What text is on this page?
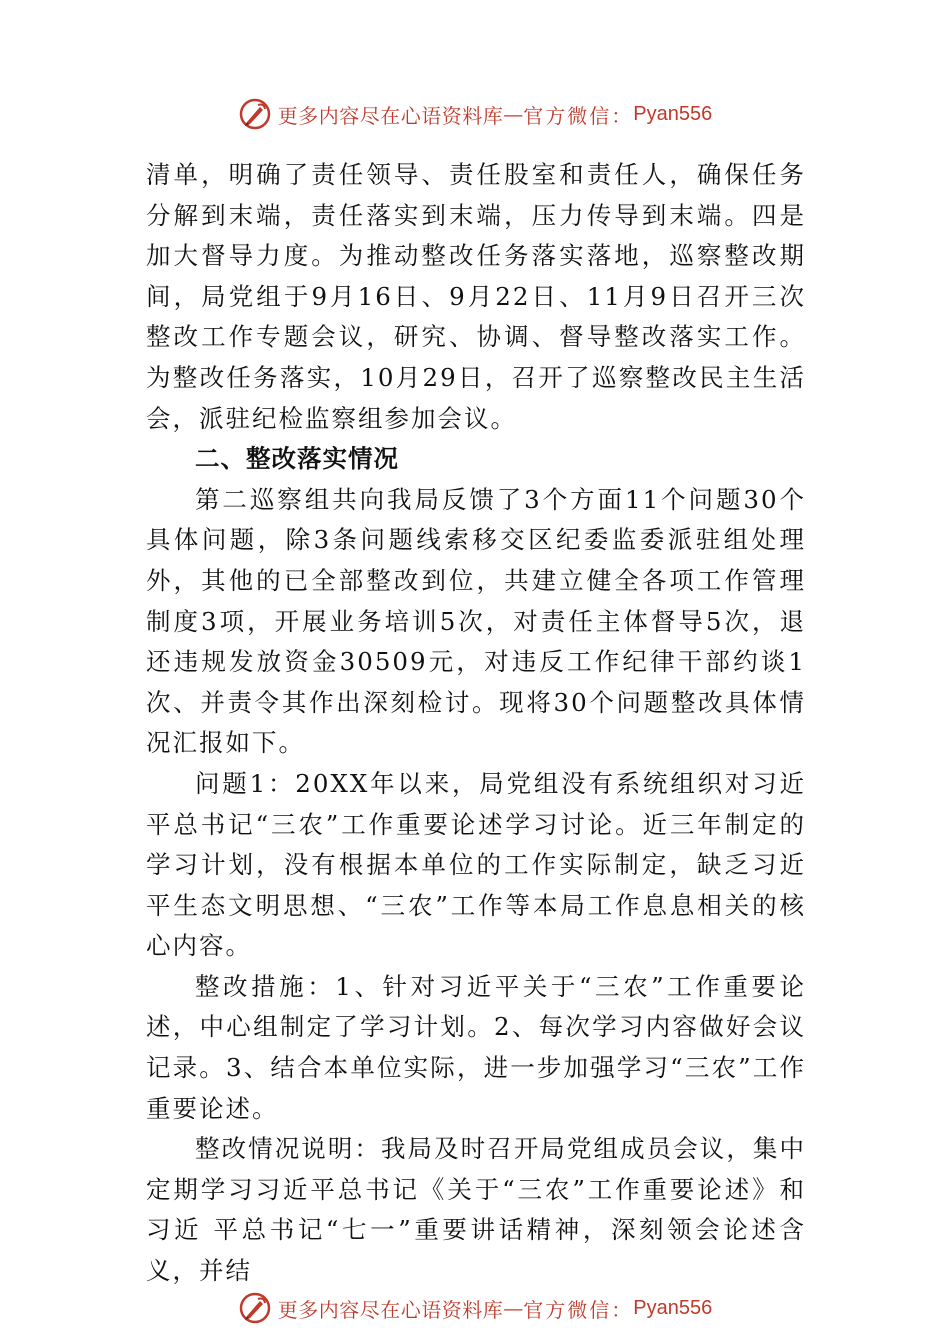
更多内容尽在心语资料库 — 官方微信： Pyan556

清单，明确了责任领导、责任股室和责任人，确保任务分解到末端，责任落实到末端，压力传导到末端。四是加大督导力度。为推动整改任务落实落地，巡察整改期间，局党组于9月16日、9月22日、11月9日召开三次整改工作专题会议，研究、协调、督导整改落实工作。为整改任务落实，10月29日，召开了巡察整改民主生活会，派驻纪检监察组参加会议。

二、整改落实情况

第二巡察组共向我局反馈了3个方面11个问题30个具体问题，除3条问题线索移交区纪委监委派驻组处理外，其他的已全部整改到位，共建立健全各项工作管理制度3项，开展业务培训5次，对责任主体督导5次，退还违规发放资金30509元，对违反工作纪律干部约谈1次、并责令其作出深刻检讨。现将30个问题整改具体情况汇报如下。

问题1：20XX年以来，局党组没有系统组织对习近平总书记“三农”工作重要论述学习讨论。近三年制定的学习计划，没有根据本单位的工作实际制定，缺乏习近平生态文明思想、“三农”工作等本局工作息息相关的核心内容。

整改措施：1、针对习近平关于“三农”工作重要论述，中心组制定了学习计划。2、每次学习内容做好会议记录。3、结合本单位实际，进一步加强学习“三农”工作重要论述。

整改情况说明：我局及时召开局党组成员会议，集中定期学习习近平总书记《关于“三农”工作重要论述》和习近 平总书记“七一”重要讲话精神，深刻领会论述含义，并结

更多内容尽在心语资料库 — 官方微信： Pyan556
